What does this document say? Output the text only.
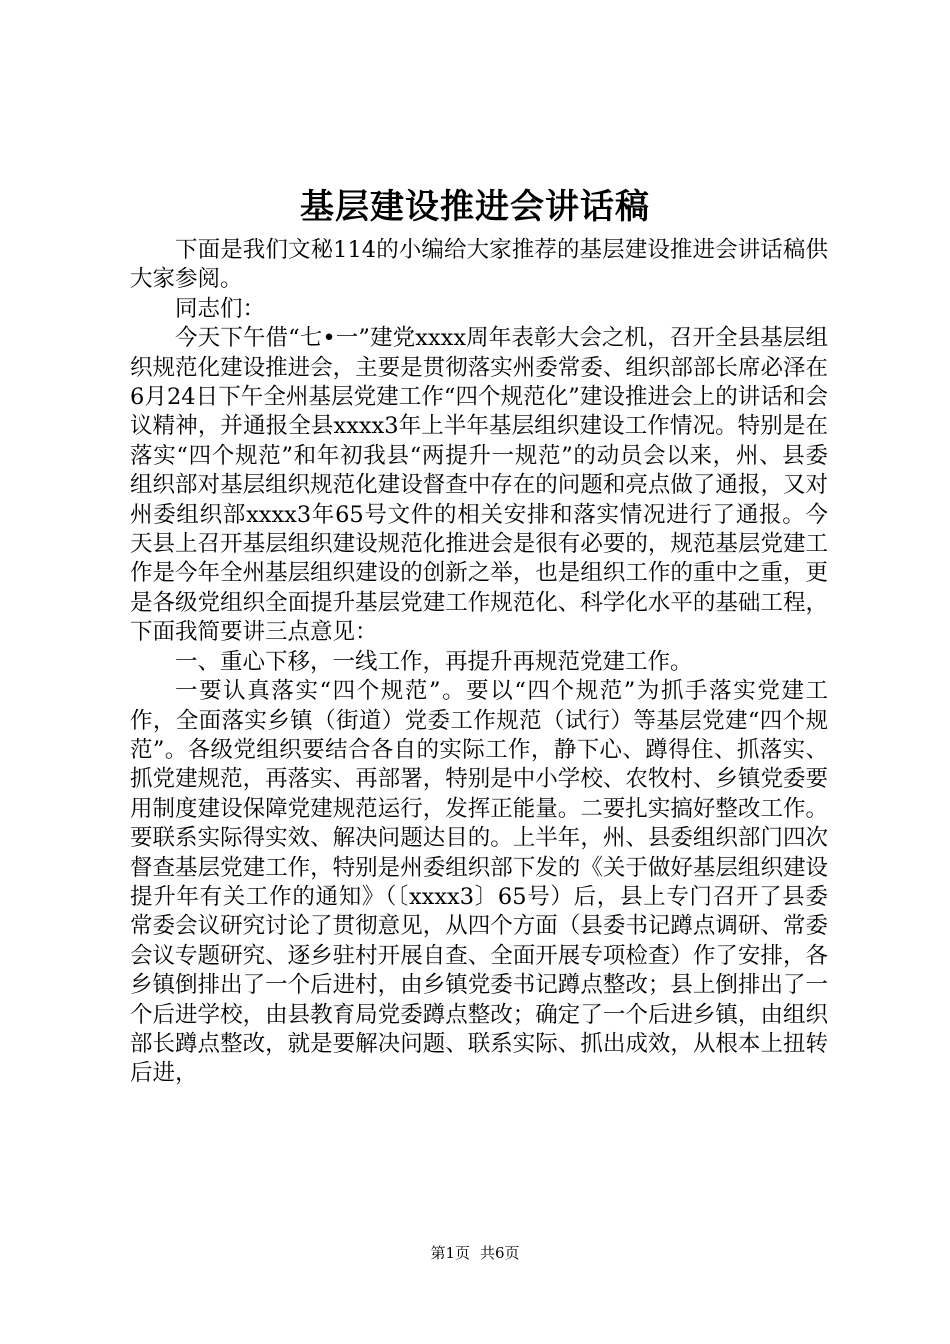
基层建设推进会讲话稿

下面是我们文秘114的小编给大家推荐的基层建设推进会讲话稿供大家参阅。

同志们：

今天下午借“七•一”建党xxxx周年表彰大会之机，召开全县基层组织规范化建设推进会，主要是贯彻落实州委常委、组织部部长席必泽在6月24日下午全州基层党建工作“四个规范化”建设推进会上的讲话和会议精神，并通报全县xxxx3年上半年基层组织建设工作情况。特别是在落实“四个规范”和年初我县“两提升一规范”的动员会以来，州、县委组织部对基层组织规范化建设督查中存在的问题和亮点做了通报，又对州委组织部xxxx3年65号文件的相关安排和落实情况进行了通报。今天县上召开基层组织建设规范化推进会是很有必要的，规范基层党建工作是今年全州基层组织建设的创新之举，也是组织工作的重中之重，更是各级党组织全面提升基层党建工作规范化、科学化水平的基础工程，下面我简要讲三点意见：

一、重心下移，一线工作，再提升再规范党建工作。

一要认真落实“四个规范”。要以“四个规范”为抓手落实党建工作，全面落实乡镇（街道）党委工作规范（试行）等基层党建“四个规范”。各级党组织要结合各自的实际工作，静下心、蹲得住、抓落实、抓党建规范，再落实、再部署，特别是中小学校、农牧村、乡镇党委要用制度建设保障党建规范运行，发挥正能量。二要扎实搞好整改工作。要联系实际得实效、解决问题达目的。上半年，州、县委组织部门四次督查基层党建工作，特别是州委组织部下发的《关于做好基层组织建设提升年有关工作的通知》（〔xxxx3〕65号）后，县上专门召开了县委常委会议研究讨论了贯彻意见，从四个方面（县委书记蹲点调研、常委会议专题研究、逐乡驻村开展自查、全面开展专项检查）作了安排，各乡镇倒排出了一个后进村，由乡镇党委书记蹲点整改；县上倒排出了一个后进学校，由县教育局党委蹲点整改；确定了一个后进乡镇，由组织部长蹲点整改，就是要解决问题、联系实际、抓出成效，从根本上扭转后进，

第1页 共6页
